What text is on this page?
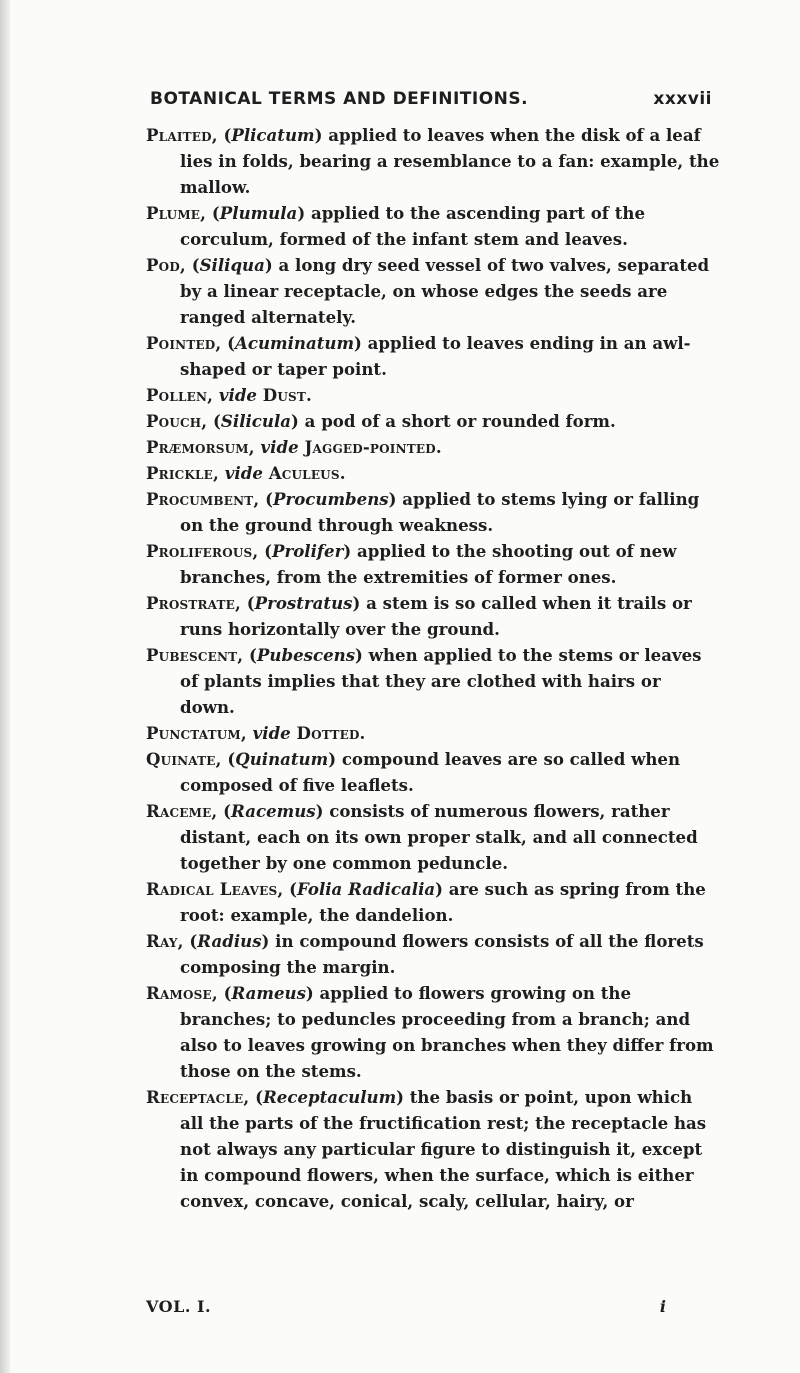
BOTANICAL TERMS AND DEFINITIONS.	xxxvii

Plaited, (Plicatum) applied to leaves when the disk of a leaf lies in folds, bearing a resemblance to a fan: example, the mallow.

Plume, (Plumula) applied to the ascending part of the corculum, formed of the infant stem and leaves.

Pod, (Siliqua) a long dry seed vessel of two valves, separated by a linear receptacle, on whose edges the seeds are ranged alternately.

Pointed, (Acuminatum) applied to leaves ending in an awl-shaped or taper point.

Pollen, vide Dust.

Pouch, (Silicula) a pod of a short or rounded form.

Præmorsum, vide Jagged-pointed.

Prickle, vide Aculeus.

Procumbent, (Procumbens) applied to stems lying or falling on the ground through weakness.

Proliferous, (Prolifer) applied to the shooting out of new branches, from the extremities of former ones.

Prostrate, (Prostratus) a stem is so called when it trails or runs horizontally over the ground.

Pubescent, (Pubescens) when applied to the stems or leaves of plants implies that they are clothed with hairs or down.

Punctatum, vide Dotted.

Quinate, (Quinatum) compound leaves are so called when composed of five leaflets.

Raceme, (Racemus) consists of numerous flowers, rather distant, each on its own proper stalk, and all connected together by one common peduncle.

Radical Leaves, (Folia Radicalia) are such as spring from the root: example, the dandelion.

Ray, (Radius) in compound flowers consists of all the florets composing the margin.

Ramose, (Rameus) applied to flowers growing on the branches; to peduncles proceeding from a branch; and also to leaves growing on branches when they differ from those on the stems.

Receptacle, (Receptaculum) the basis or point, upon which all the parts of the fructification rest; the receptacle has not always any particular figure to distinguish it, except in compound flowers, when the surface, which is either convex, concave, conical, scaly, cellular, hairy, or

VOL. I.	i
